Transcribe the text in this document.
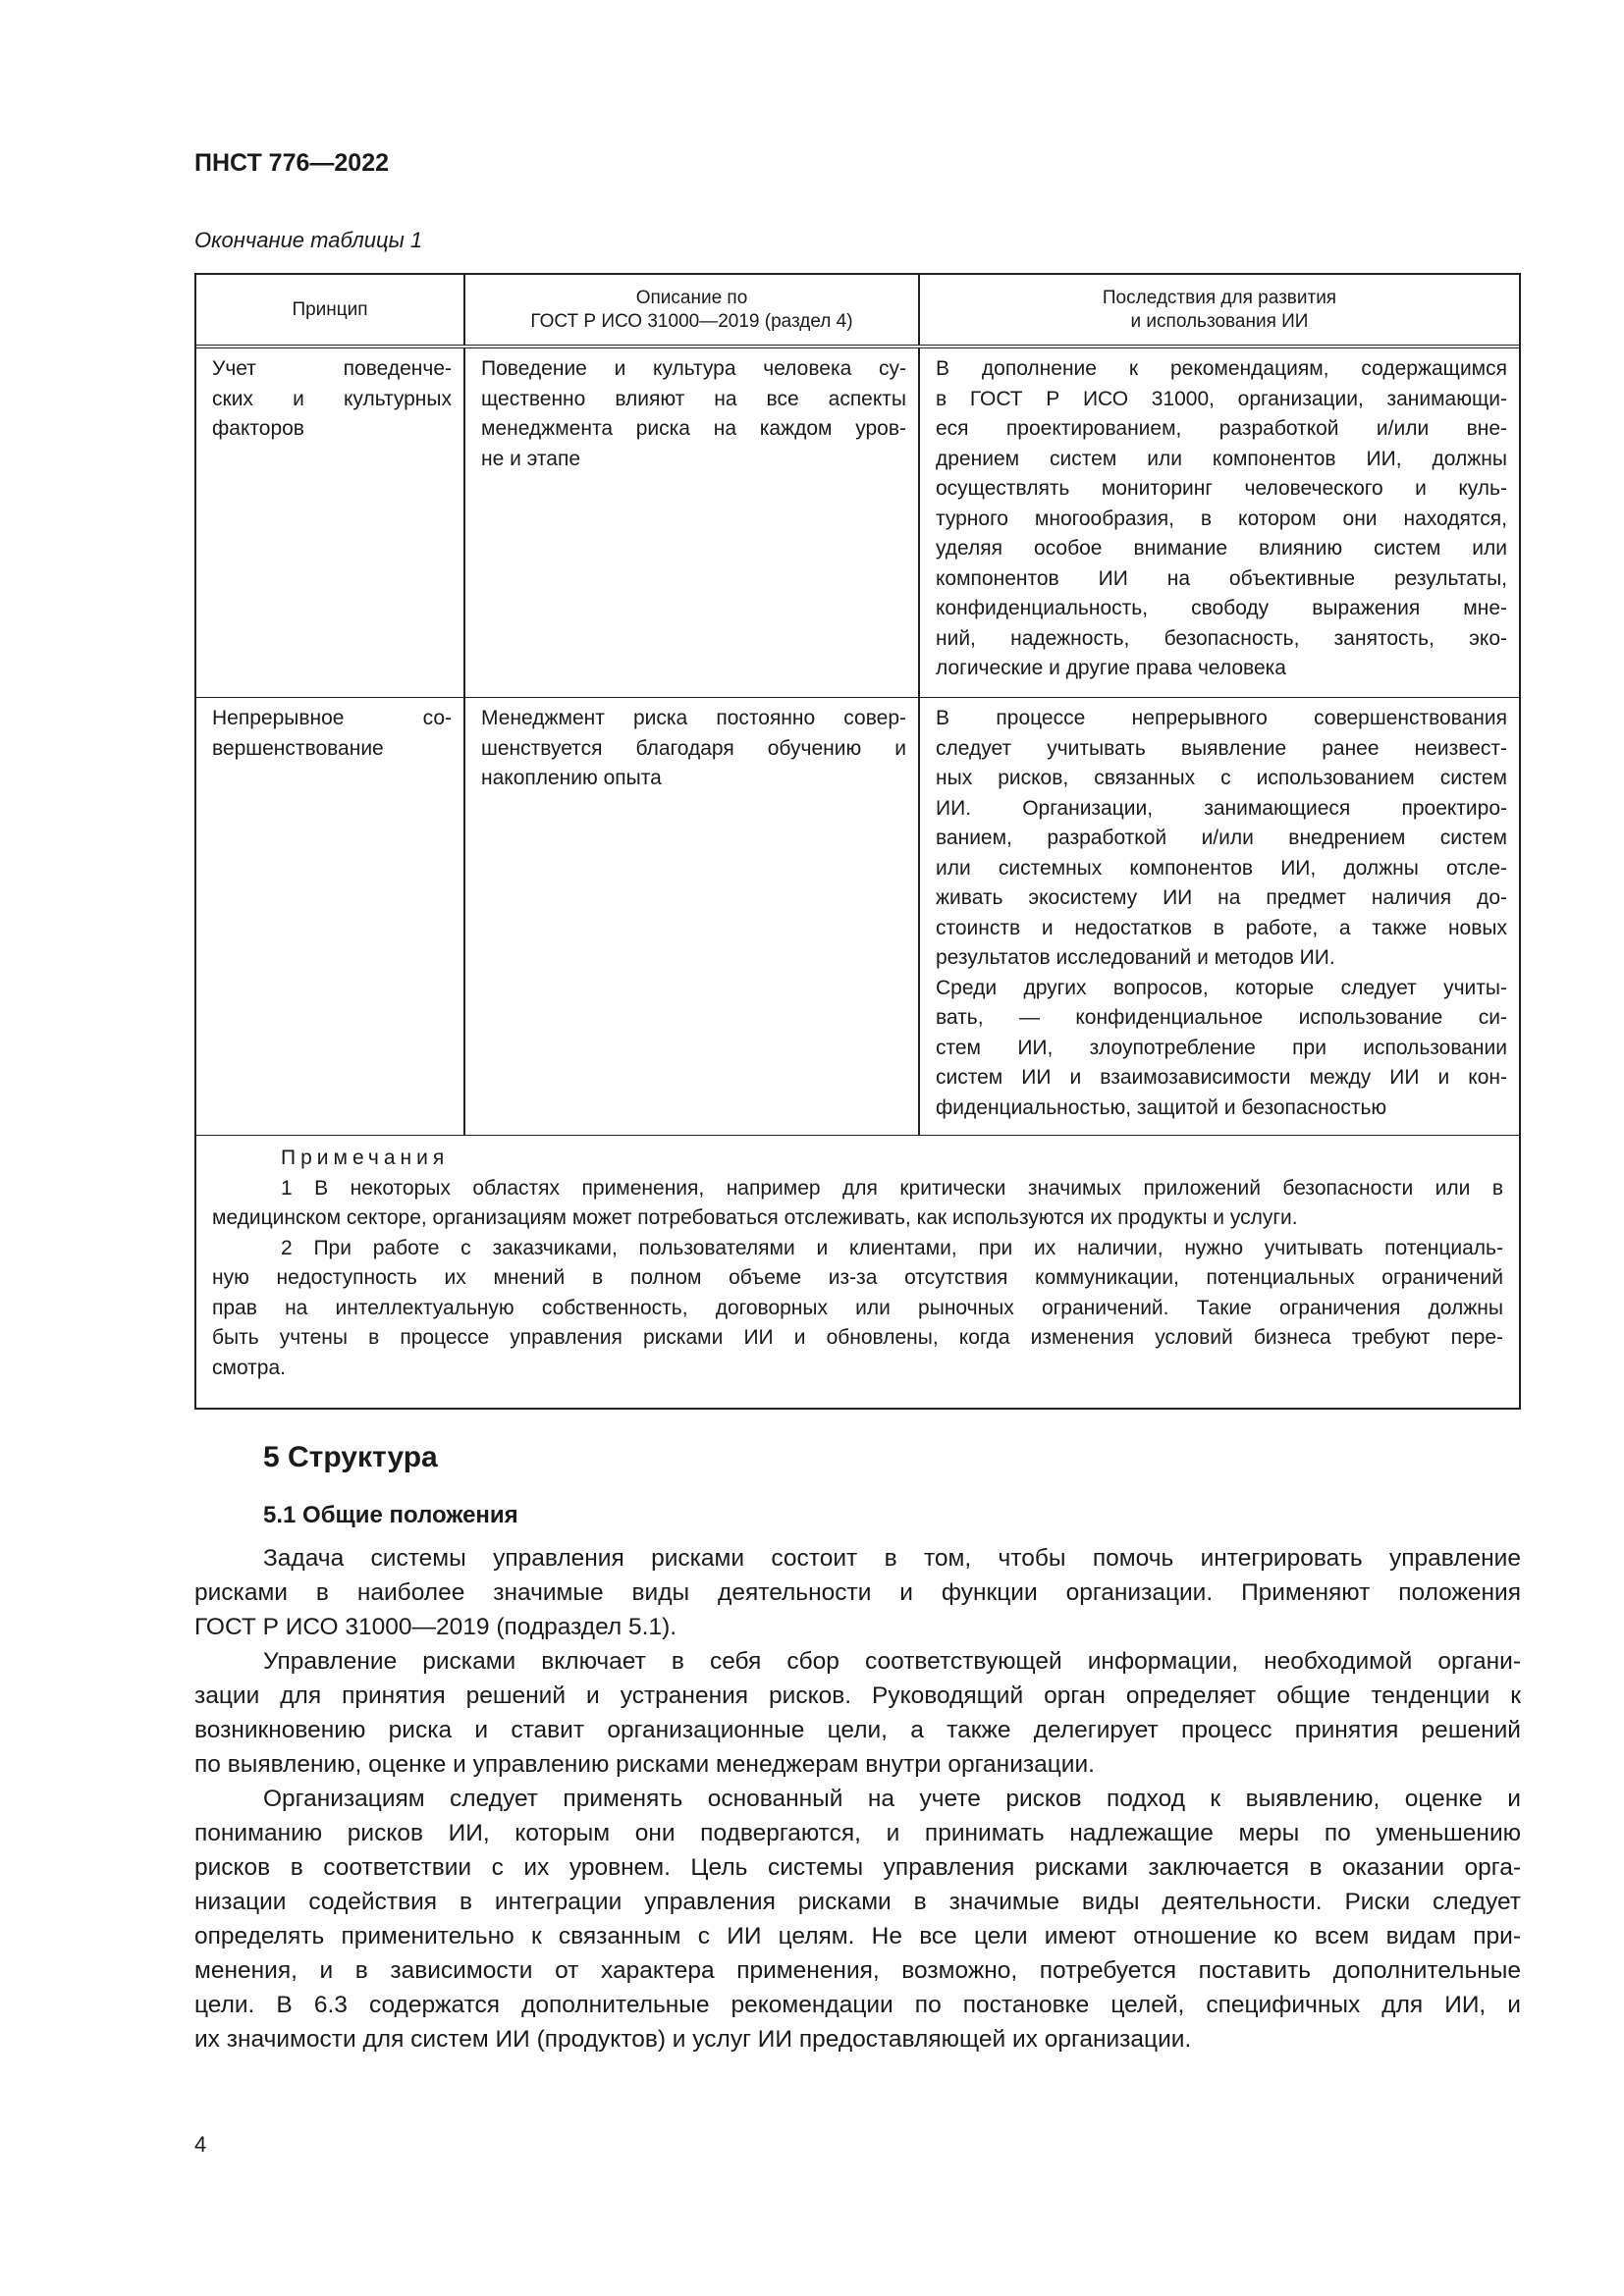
ПНСТ 776—2022
Окончание таблицы 1
Принцип
Описание по
ГОСТ Р ИСО 31000—2019 (раздел 4)
Последствия для развития
и использования ИИ
Учет поведенче-
ских и культурных
факторов
Поведение и культура человека су-
щественно влияют на все аспекты
менеджмента риска на каждом уров-
не и этапе
В дополнение к рекомендациям, содержащимся
в ГОСТ Р ИСО 31000, организации, занимающи-
еся проектированием, разработкой и/или вне-
дрением систем или компонентов ИИ, должны
осуществлять мониторинг человеческого и куль-
турного многообразия, в котором они находятся,
уделяя особое внимание влиянию систем или
компонентов ИИ на объективные результаты,
конфиденциальность, свободу выражения мне-
ний, надежность, безопасность, занятость, эко-
логические и другие права человека
Непрерывное со-
вершенствование
Менеджмент риска постоянно совер-
шенствуется благодаря обучению и
накоплению опыта
В процессе непрерывного совершенствования
следует учитывать выявление ранее неизвест-
ных рисков, связанных с использованием систем
ИИ. Организации, занимающиеся проектиро-
ванием, разработкой и/или внедрением систем
или системных компонентов ИИ, должны отсле-
живать экосистему ИИ на предмет наличия до-
стоинств и недостатков в работе, а также новых
результатов исследований и методов ИИ.
Среди других вопросов, которые следует учиты-
вать, — конфиденциальное использование си-
стем ИИ, злоупотребление при использовании
систем ИИ и взаимозависимости между ИИ и кон-
фиденциальностью, защитой и безопасностью
Примечания
1 В некоторых областях применения, например для критически значимых приложений безопасности или в
медицинском секторе, организациям может потребоваться отслеживать, как используются их продукты и услуги.
2 При работе с заказчиками, пользователями и клиентами, при их наличии, нужно учитывать потенциаль-
ную недоступность их мнений в полном объеме из-за отсутствия коммуникации, потенциальных ограничений
прав на интеллектуальную собственность, договорных или рыночных ограничений. Такие ограничения должны
быть учтены в процессе управления рисками ИИ и обновлены, когда изменения условий бизнеса требуют пере-
смотра.
5 Структура
5.1 Общие положения
Задача системы управления рисками состоит в том, чтобы помочь интегрировать управление
рисками в наиболее значимые виды деятельности и функции организации. Применяют положения
ГОСТ Р ИСО 31000—2019 (подраздел 5.1).
Управление рисками включает в себя сбор соответствующей информации, необходимой органи-
зации для принятия решений и устранения рисков. Руководящий орган определяет общие тенденции к
возникновению риска и ставит организационные цели, а также делегирует процесс принятия решений
по выявлению, оценке и управлению рисками менеджерам внутри организации.
Организациям следует применять основанный на учете рисков подход к выявлению, оценке и
пониманию рисков ИИ, которым они подвергаются, и принимать надлежащие меры по уменьшению
рисков в соответствии с их уровнем. Цель системы управления рисками заключается в оказании орга-
низации содействия в интеграции управления рисками в значимые виды деятельности. Риски следует
определять применительно к связанным с ИИ целям. Не все цели имеют отношение ко всем видам при-
менения, и в зависимости от характера применения, возможно, потребуется поставить дополнительные
цели. В 6.3 содержатся дополнительные рекомендации по постановке целей, специфичных для ИИ, и
их значимости для систем ИИ (продуктов) и услуг ИИ предоставляющей их организации.
4
